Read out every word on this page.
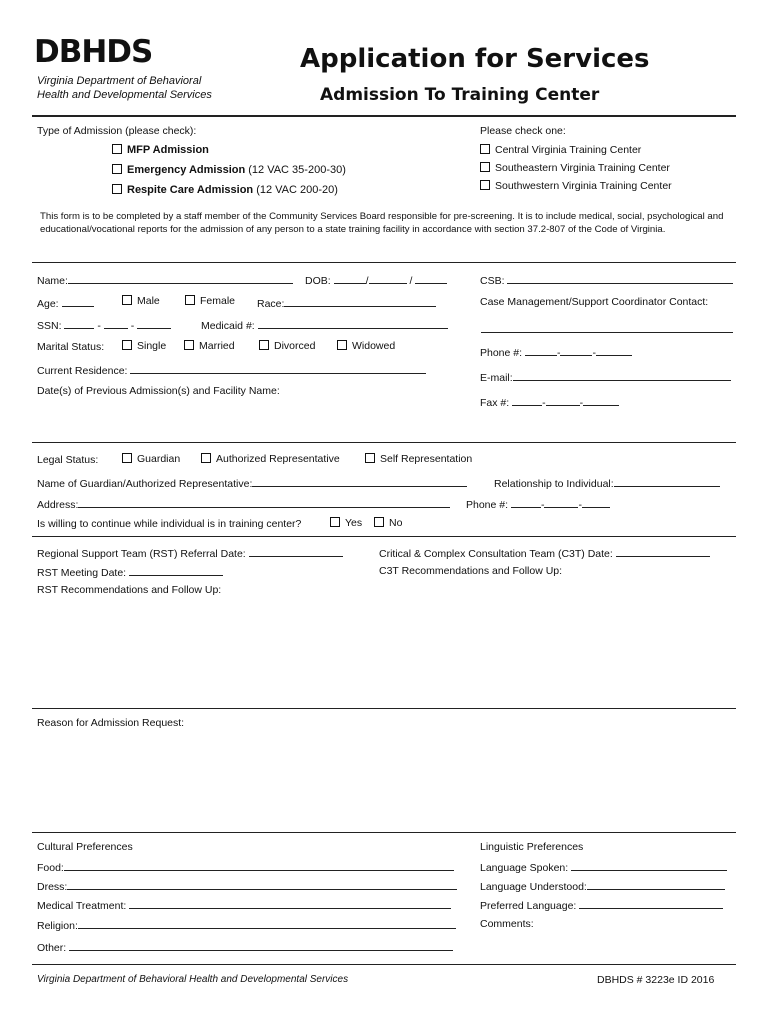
DBHDS
Virginia Department of Behavioral
Health and Developmental Services
Application for Services
Admission To Training Center
Type of Admission (please check):
MFP Admission
Emergency Admission (12 VAC 35-200-30)
Respite Care Admission (12 VAC 200-20)
Please check one:
Central Virginia Training Center
Southeastern Virginia Training Center
Southwestern Virginia Training Center
This form is to be completed by a staff member of the Community Services Board responsible for pre-screening. It is to include medical, social, psychological and educational/vocational reports for the admission of any person to a state training facility in accordance with section 37.2-807 of the Code of Virginia.
Name:	DOB:	/	/	CSB:
Age:	Male	Female Race:	Case Management/Support Coordinator Contact:
SSN:	-	-	Medicaid #:
Marital Status:	Single	Married	Divorced	Widowed
Phone #:	-	-
Current Residence:
E-mail:
Date(s) of Previous Admission(s) and Facility Name:
Fax #:	-	-
Legal Status:	Guardian	Authorized Representative	Self Representation
Name of Guardian/Authorized Representative:	Relationship to Individual:
Address:	Phone #:	-	-
Is willing to continue while individual is in training center?	Yes	No
Regional Support Team (RST) Referral Date:	Critical & Complex Consultation Team (C3T) Date:
RST Meeting Date:	C3T Recommendations and Follow Up:
RST Recommendations and Follow Up:
Reason for Admission Request:
Cultural Preferences	Linguistic Preferences
Food:	Language Spoken:
Dress:	Language Understood:
Medical Treatment:	Preferred Language:
Religion:	Comments:
Other:
Virginia Department of Behavioral Health and Developmental Services	DBHDS # 3223e ID 2016
